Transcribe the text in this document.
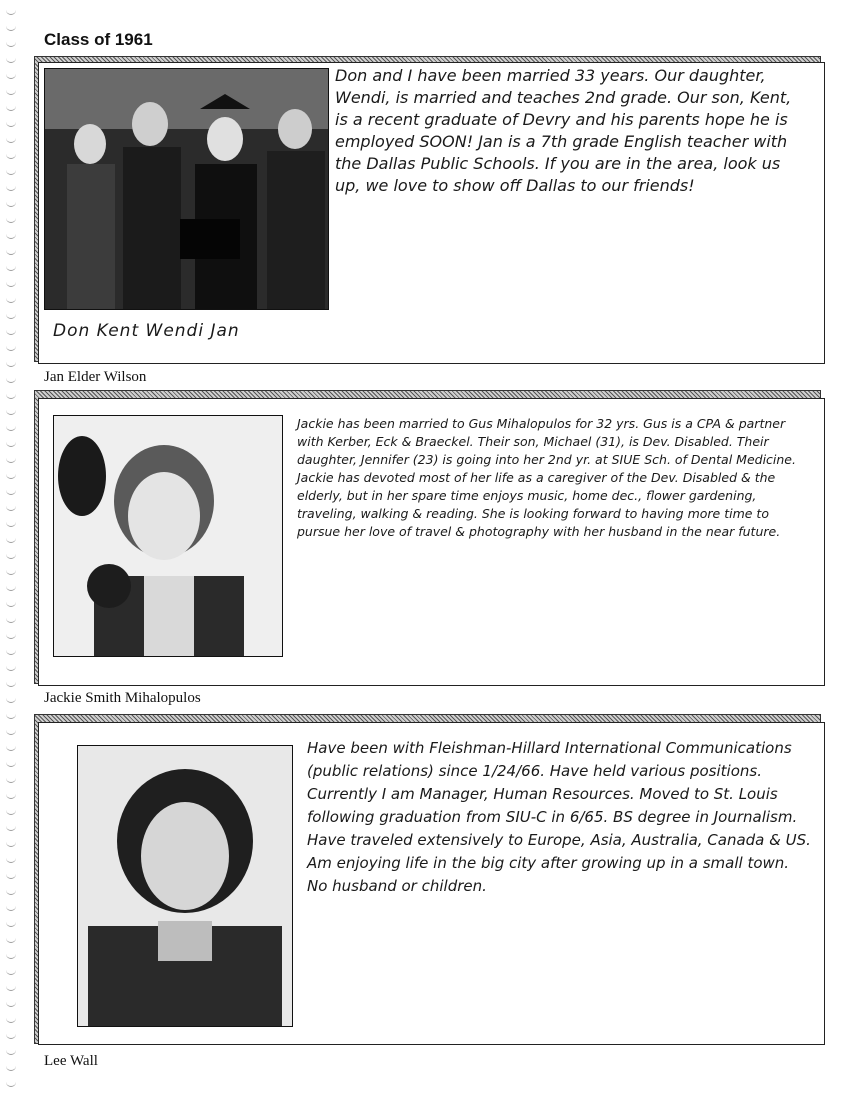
Class of 1961

Don Kent Wendi Jan

Don and I have been married 33 years. Our daughter, Wendi, is married and teaches 2nd grade. Our son, Kent, is a recent graduate of Devry and his parents hope he is employed SOON! Jan is a 7th grade English teacher with the Dallas Public Schools. If you are in the area, look us up, we love to show off Dallas to our friends!

Jan Elder Wilson

Jackie has been married to Gus Mihalopulos for 32 yrs. Gus is a CPA & partner with Kerber, Eck & Braeckel. Their son, Michael (31), is Dev. Disabled. Their daughter, Jennifer (23) is going into her 2nd yr. at SIUE Sch. of Dental Medicine. Jackie has devoted most of her life as a caregiver of the Dev. Disabled & the elderly, but in her spare time enjoys music, home dec., flower gardening, traveling, walking & reading. She is looking forward to having more time to pursue her love of travel & photography with her husband in the near future.

Jackie Smith Mihalopulos

Have been with Fleishman-Hillard International Communications (public relations) since 1/24/66. Have held various positions. Currently I am Manager, Human Resources. Moved to St. Louis following graduation from SIU-C in 6/65. BS degree in Journalism. Have traveled extensively to Europe, Asia, Australia, Canada & US. Am enjoying life in the big city after growing up in a small town. No husband or children.

Lee Wall
